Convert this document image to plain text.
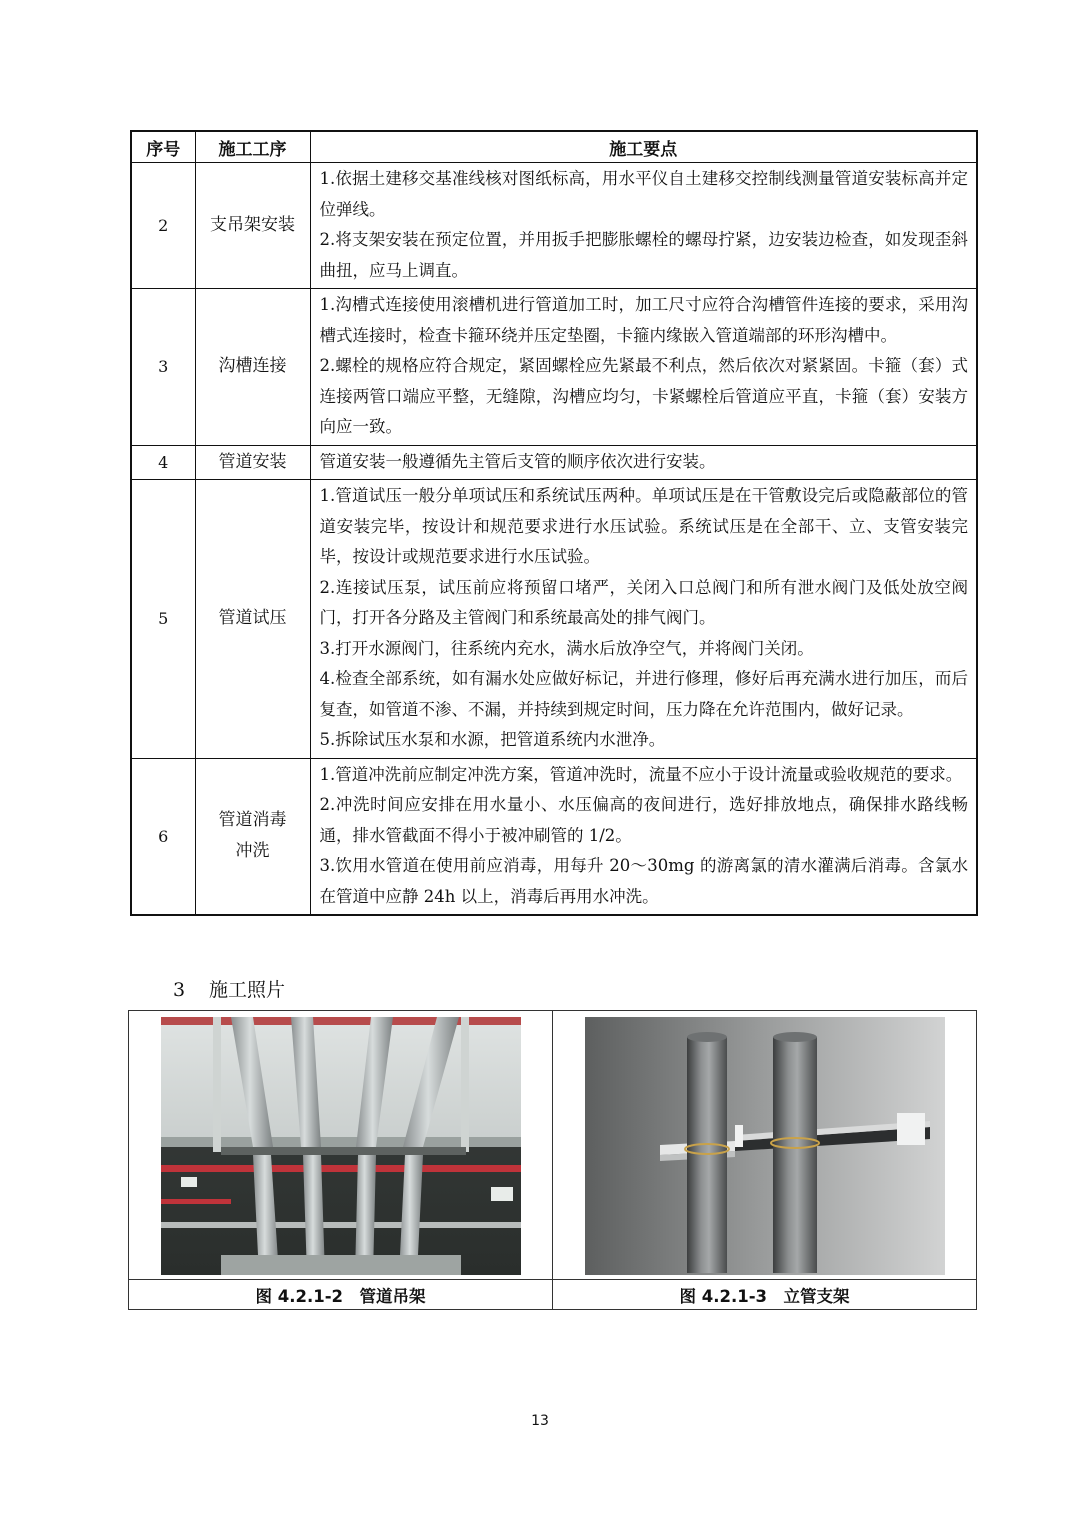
序号	施工工序	施工要点
2	支吊架安装	1.依据土建移交基准线核对图纸标高，用水平仪自土建移交控制线测量管道安装标高并定位弹线。

2.将支架安装在预定位置，并用扳手把膨胀螺栓的螺母拧紧，边安装边检查，如发现歪斜曲扭，应马上调直。

3	沟槽连接	1.沟槽式连接使用滚槽机进行管道加工时，加工尺寸应符合沟槽管件连接的要求，采用沟槽式连接时，检查卡箍环绕并压定垫圈，卡箍内缘嵌入管道端部的环形沟槽中。

2.螺栓的规格应符合规定，紧固螺栓应先紧最不利点，然后依次对紧紧固。卡箍（套）式连接两管口端应平整，无缝隙，沟槽应均匀，卡紧螺栓后管道应平直，卡箍（套）安装方向应一致。

4	管道安装	管道安装一般遵循先主管后支管的顺序依次进行安装。

5	管道试压	1.管道试压一般分单项试压和系统试压两种。单项试压是在干管敷设完后或隐蔽部位的管道安装完毕，按设计和规范要求进行水压试验。系统试压是在全部干、立、支管安装完毕，按设计或规范要求进行水压试验。

2.连接试压泵，试压前应将预留口堵严，关闭入口总阀门和所有泄水阀门及低处放空阀门，打开各分路及主管阀门和系统最高处的排气阀门。

3.打开水源阀门，往系统内充水，满水后放净空气，并将阀门关闭。

4.检查全部系统，如有漏水处应做好标记，并进行修理，修好后再充满水进行加压，而后复查，如管道不渗、不漏，并持续到规定时间，压力降在允许范围内，做好记录。

5.拆除试压水泵和水源，把管道系统内水泄净。

6	管道消毒冲洗	1.管道冲洗前应制定冲洗方案，管道冲洗时，流量不应小于设计流量或验收规范的要求。

2.冲洗时间应安排在用水量小、水压偏高的夜间进行，选好排放地点，确保排水路线畅通，排水管截面不得小于被冲刷管的 1/2。

3.饮用水管道在使用前应消毒，用每升 20～30mg 的游离氯的清水灌满后消毒。含氯水在管道中应静 24h 以上，消毒后再用水冲洗。

3 施工照片

图 4.2.1-2　管道吊架	图 4.2.1-3　立管支架
13
